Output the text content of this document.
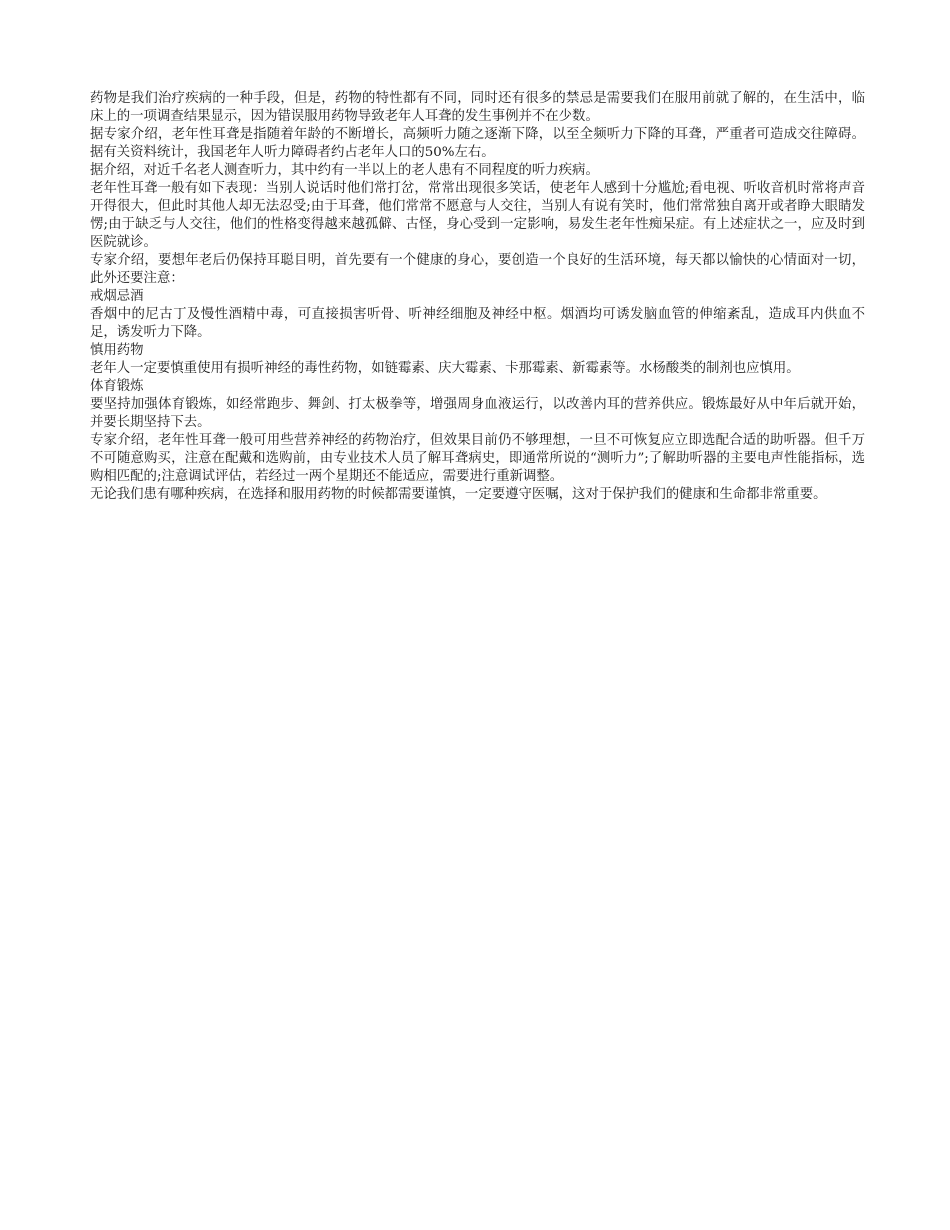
药物是我们治疗疾病的一种手段，但是，药物的特性都有不同，同时还有很多的禁忌是需要我们在服用前就了解的，在生活中，临床上的一项调查结果显示，因为错误服用药物导致老年人耳聋的发生事例并不在少数。

据专家介绍，老年性耳聋是指随着年龄的不断增长，高频听力随之逐渐下降，以至全频听力下降的耳聋，严重者可造成交往障碍。据有关资料统计，我国老年人听力障碍者约占老年人口的50%左右。

据介绍，对近千名老人测查听力，其中约有一半以上的老人患有不同程度的听力疾病。

老年性耳聋一般有如下表现：当别人说话时他们常打岔，常常出现很多笑话，使老年人感到十分尴尬;看电视、听收音机时常将声音开得很大，但此时其他人却无法忍受;由于耳聋，他们常常不愿意与人交往，当别人有说有笑时，他们常常独自离开或者睁大眼睛发愣;由于缺乏与人交往，他们的性格变得越来越孤僻、古怪，身心受到一定影响，易发生老年性痴呆症。有上述症状之一，应及时到医院就诊。

专家介绍，要想年老后仍保持耳聪目明，首先要有一个健康的身心，要创造一个良好的生活环境，每天都以愉快的心情面对一切，此外还要注意：

戒烟忌酒

香烟中的尼古丁及慢性酒精中毒，可直接损害听骨、听神经细胞及神经中枢。烟酒均可诱发脑血管的伸缩紊乱，造成耳内供血不足，诱发听力下降。

慎用药物

老年人一定要慎重使用有损听神经的毒性药物，如链霉素、庆大霉素、卡那霉素、新霉素等。水杨酸类的制剂也应慎用。

体育锻炼

要坚持加强体育锻炼，如经常跑步、舞剑、打太极拳等，增强周身血液运行，以改善内耳的营养供应。锻炼最好从中年后就开始，并要长期坚持下去。

专家介绍，老年性耳聋一般可用些营养神经的药物治疗，但效果目前仍不够理想，一旦不可恢复应立即选配合适的助听器。但千万不可随意购买，注意在配戴和选购前，由专业技术人员了解耳聋病史，即通常所说的“测听力”;了解助听器的主要电声性能指标，选购相匹配的;注意调试评估，若经过一两个星期还不能适应，需要进行重新调整。

无论我们患有哪种疾病，在选择和服用药物的时候都需要谨慎，一定要遵守医嘱，这对于保护我们的健康和生命都非常重要。
